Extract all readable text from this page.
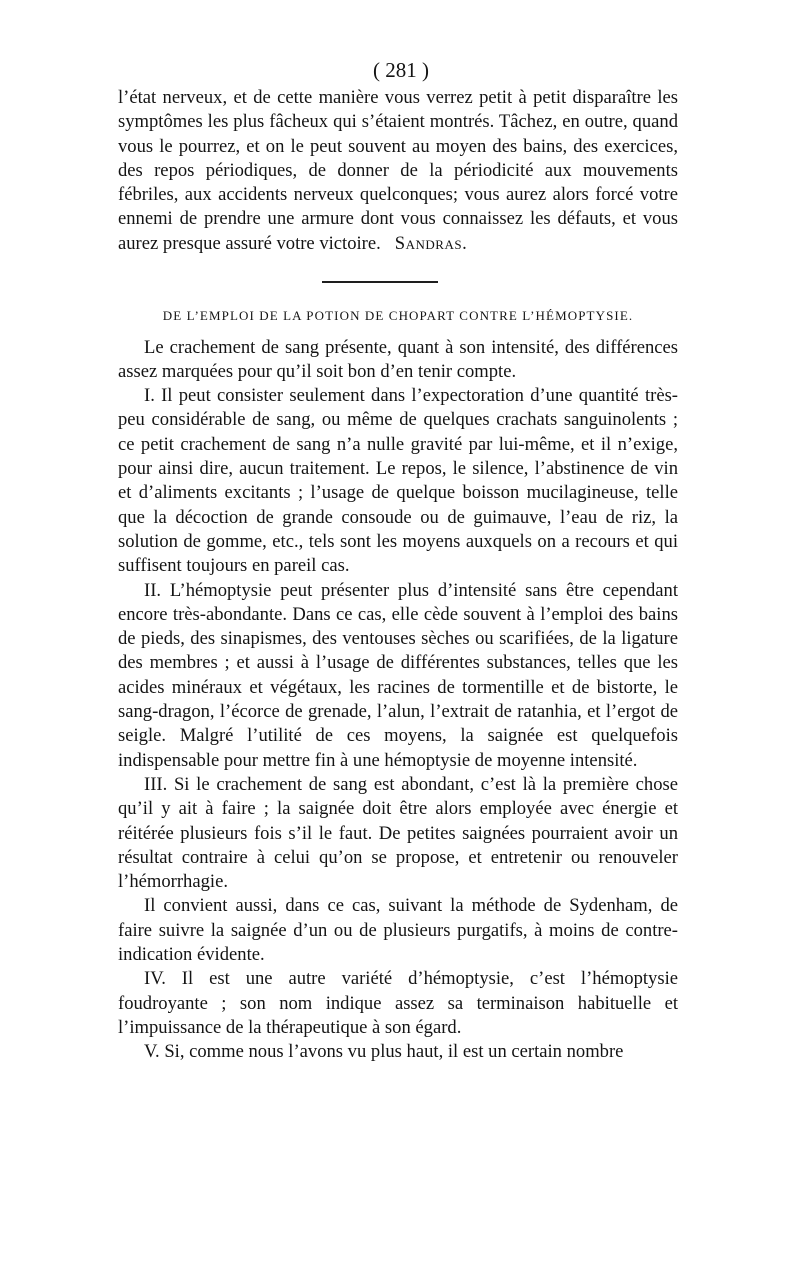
( 281 )

l’état nerveux, et de cette manière vous verrez petit à petit disparaître les symptômes les plus fâcheux qui s’étaient montrés. Tâchez, en outre, quand vous le pourrez, et on le peut souvent au moyen des bains, des exercices, des repos périodiques, de donner de la périodicité aux mouvements fébriles, aux accidents nerveux quelconques; vous aurez alors forcé votre ennemi de prendre une armure dont vous connaissez les défauts, et vous aurez presque assuré votre victoire. Sandras.

DE L’EMPLOI DE LA POTION DE CHOPART CONTRE L’HÉMOPTYSIE.

Le crachement de sang présente, quant à son intensité, des différences assez marquées pour qu’il soit bon d’en tenir compte.

I. Il peut consister seulement dans l’expectoration d’une quantité très-peu considérable de sang, ou même de quelques crachats sanguinolents ; ce petit crachement de sang n’a nulle gravité par lui-même, et il n’exige, pour ainsi dire, aucun traitement. Le repos, le silence, l’abstinence de vin et d’aliments excitants ; l’usage de quelque boisson mucilagineuse, telle que la décoction de grande consoude ou de guimauve, l’eau de riz, la solution de gomme, etc., tels sont les moyens auxquels on a recours et qui suffisent toujours en pareil cas.

II. L’hémoptysie peut présenter plus d’intensité sans être cependant encore très-abondante. Dans ce cas, elle cède souvent à l’emploi des bains de pieds, des sinapismes, des ventouses sèches ou scarifiées, de la ligature des membres ; et aussi à l’usage de différentes substances, telles que les acides minéraux et végétaux, les racines de tormentille et de bistorte, le sang-dragon, l’écorce de grenade, l’alun, l’extrait de ratanhia, et l’ergot de seigle. Malgré l’utilité de ces moyens, la saignée est quelquefois indispensable pour mettre fin à une hémoptysie de moyenne intensité.

III. Si le crachement de sang est abondant, c’est là la première chose qu’il y ait à faire ; la saignée doit être alors employée avec énergie et réitérée plusieurs fois s’il le faut. De petites saignées pourraient avoir un résultat contraire à celui qu’on se propose, et entretenir ou renouveler l’hémorrhagie.

Il convient aussi, dans ce cas, suivant la méthode de Sydenham, de faire suivre la saignée d’un ou de plusieurs purgatifs, à moins de contre-indication évidente.

IV. Il est une autre variété d’hémoptysie, c’est l’hémoptysie foudroyante ; son nom indique assez sa terminaison habituelle et l’impuissance de la thérapeutique à son égard.

V. Si, comme nous l’avons vu plus haut, il est un certain nombre
